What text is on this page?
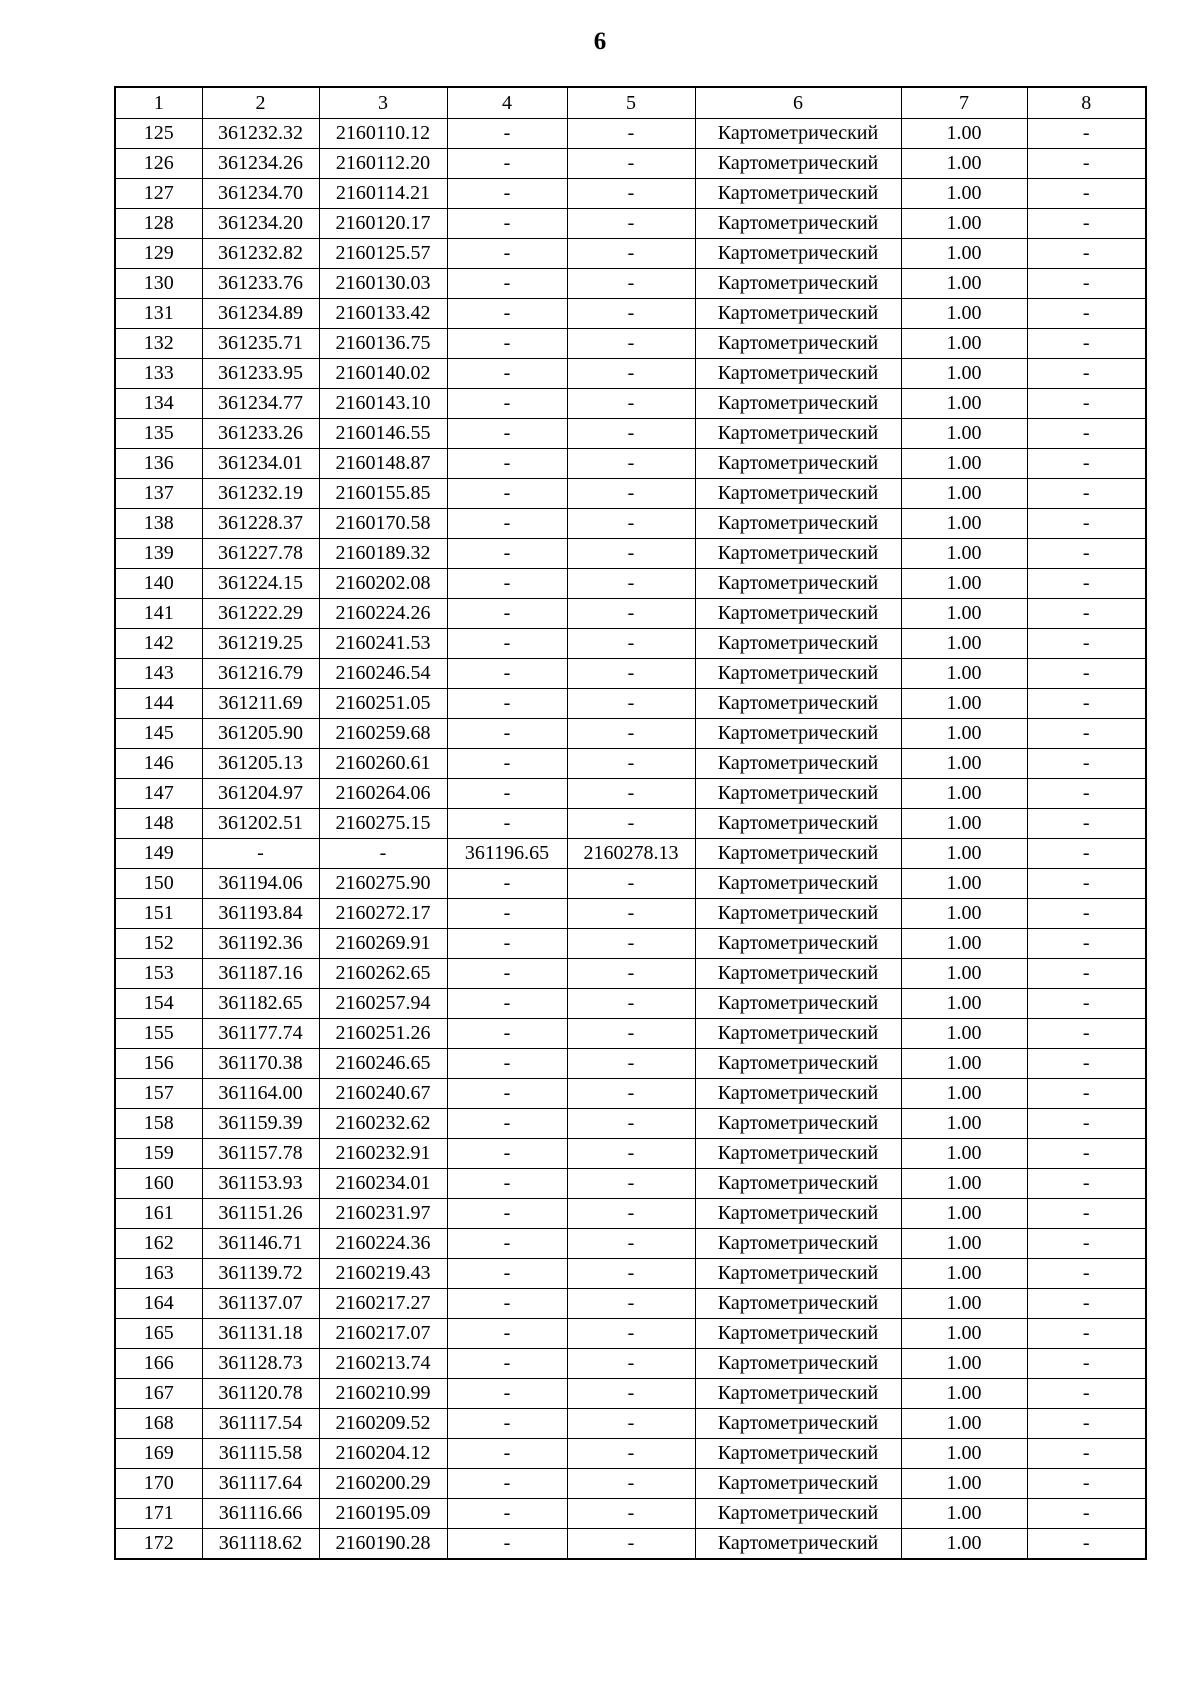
6
1	2	3	4	5	6	7	8
125	361232.32	2160110.12	-	-	Картометрический	1.00	-
126	361234.26	2160112.20	-	-	Картометрический	1.00	-
127	361234.70	2160114.21	-	-	Картометрический	1.00	-
128	361234.20	2160120.17	-	-	Картометрический	1.00	-
129	361232.82	2160125.57	-	-	Картометрический	1.00	-
130	361233.76	2160130.03	-	-	Картометрический	1.00	-
131	361234.89	2160133.42	-	-	Картометрический	1.00	-
132	361235.71	2160136.75	-	-	Картометрический	1.00	-
133	361233.95	2160140.02	-	-	Картометрический	1.00	-
134	361234.77	2160143.10	-	-	Картометрический	1.00	-
135	361233.26	2160146.55	-	-	Картометрический	1.00	-
136	361234.01	2160148.87	-	-	Картометрический	1.00	-
137	361232.19	2160155.85	-	-	Картометрический	1.00	-
138	361228.37	2160170.58	-	-	Картометрический	1.00	-
139	361227.78	2160189.32	-	-	Картометрический	1.00	-
140	361224.15	2160202.08	-	-	Картометрический	1.00	-
141	361222.29	2160224.26	-	-	Картометрический	1.00	-
142	361219.25	2160241.53	-	-	Картометрический	1.00	-
143	361216.79	2160246.54	-	-	Картометрический	1.00	-
144	361211.69	2160251.05	-	-	Картометрический	1.00	-
145	361205.90	2160259.68	-	-	Картометрический	1.00	-
146	361205.13	2160260.61	-	-	Картометрический	1.00	-
147	361204.97	2160264.06	-	-	Картометрический	1.00	-
148	361202.51	2160275.15	-	-	Картометрический	1.00	-
149	-	-	361196.65	2160278.13	Картометрический	1.00	-
150	361194.06	2160275.90	-	-	Картометрический	1.00	-
151	361193.84	2160272.17	-	-	Картометрический	1.00	-
152	361192.36	2160269.91	-	-	Картометрический	1.00	-
153	361187.16	2160262.65	-	-	Картометрический	1.00	-
154	361182.65	2160257.94	-	-	Картометрический	1.00	-
155	361177.74	2160251.26	-	-	Картометрический	1.00	-
156	361170.38	2160246.65	-	-	Картометрический	1.00	-
157	361164.00	2160240.67	-	-	Картометрический	1.00	-
158	361159.39	2160232.62	-	-	Картометрический	1.00	-
159	361157.78	2160232.91	-	-	Картометрический	1.00	-
160	361153.93	2160234.01	-	-	Картометрический	1.00	-
161	361151.26	2160231.97	-	-	Картометрический	1.00	-
162	361146.71	2160224.36	-	-	Картометрический	1.00	-
163	361139.72	2160219.43	-	-	Картометрический	1.00	-
164	361137.07	2160217.27	-	-	Картометрический	1.00	-
165	361131.18	2160217.07	-	-	Картометрический	1.00	-
166	361128.73	2160213.74	-	-	Картометрический	1.00	-
167	361120.78	2160210.99	-	-	Картометрический	1.00	-
168	361117.54	2160209.52	-	-	Картометрический	1.00	-
169	361115.58	2160204.12	-	-	Картометрический	1.00	-
170	361117.64	2160200.29	-	-	Картометрический	1.00	-
171	361116.66	2160195.09	-	-	Картометрический	1.00	-
172	361118.62	2160190.28	-	-	Картометрический	1.00	-
